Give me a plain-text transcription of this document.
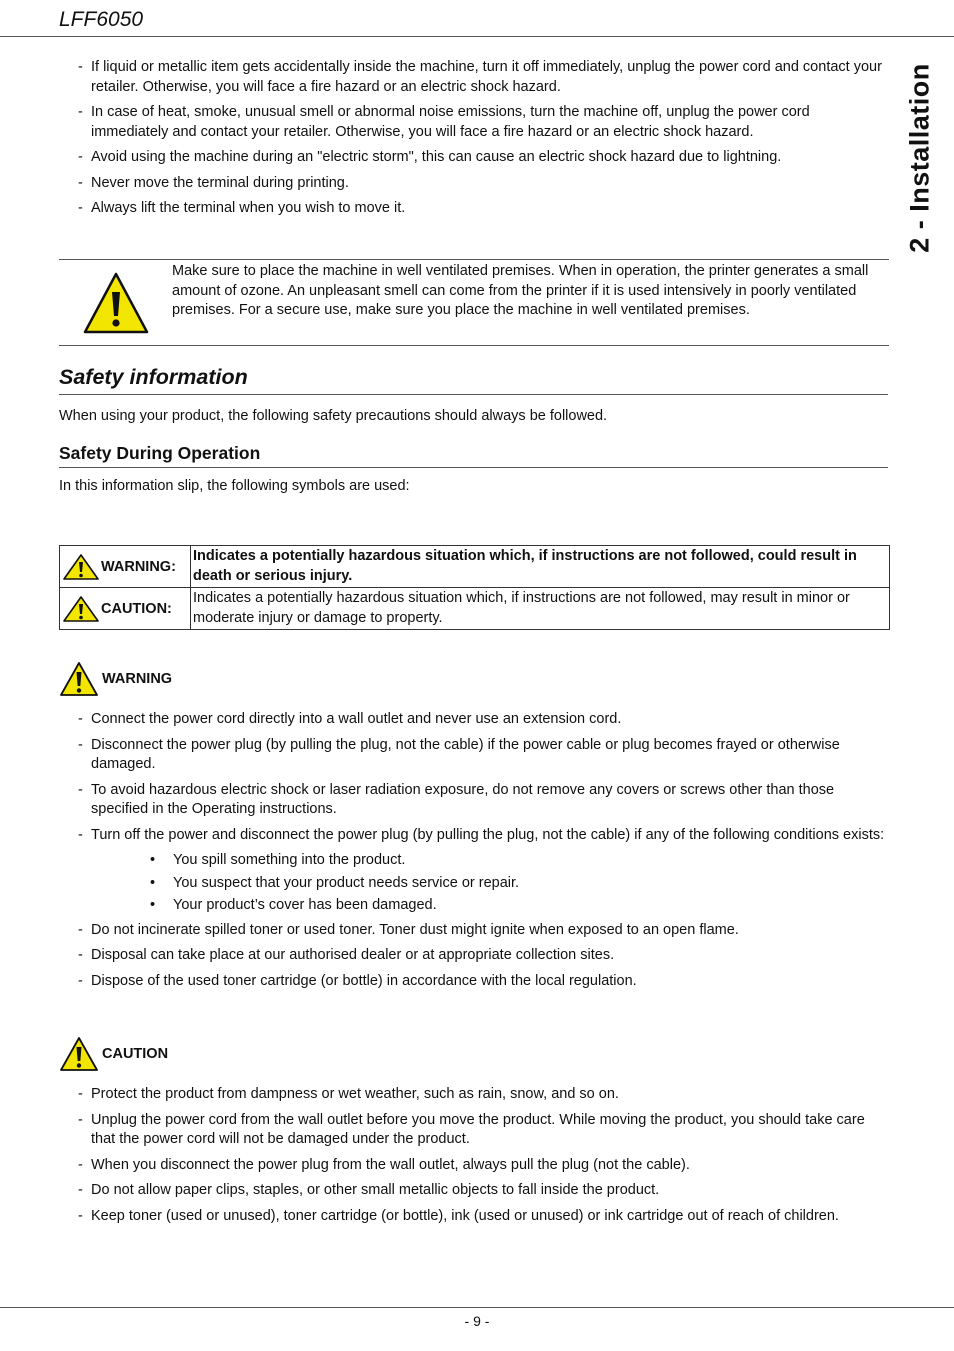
LFF6050
2 - Installation
- If liquid or metallic item gets accidentally inside the machine, turn it off immediately, unplug the power cord and contact your retailer. Otherwise, you will face a fire hazard or an electric shock hazard.
- In case of heat, smoke, unusual smell or abnormal noise emissions, turn the machine off, unplug the power cord immediately and contact your retailer. Otherwise, you will face a fire hazard or an electric shock hazard.
- Avoid using the machine during an "electric storm", this can cause an electric shock hazard due to lightning.
- Never move the terminal during printing.
- Always lift the terminal when you wish to move it.
Make sure to place the machine in well ventilated premises. When in operation, the printer generates a small amount of ozone. An unpleasant smell can come from the printer if it is used intensively in poorly ventilated premises. For a secure use, make sure you place the machine in well ventilated premises.
Safety information
When using your product, the following safety precautions should always be followed.
Safety During Operation
In this information slip, the following symbols are used:
WARNING:	Indicates a potentially hazardous situation which, if instructions are not followed, could result in death or serious injury.
CAUTION:	Indicates a potentially hazardous situation which, if instructions are not followed, may result in minor or moderate injury or damage to property.
WARNING
- Connect the power cord directly into a wall outlet and never use an extension cord.
- Disconnect the power plug (by pulling the plug, not the cable) if the power cable or plug becomes frayed or otherwise damaged.
- To avoid hazardous electric shock or laser radiation exposure, do not remove any covers or screws other than those specified in the Operating instructions.
- Turn off the power and disconnect the power plug (by pulling the plug, not the cable) if any of the following conditions exists:
• You spill something into the product.
• You suspect that your product needs service or repair.
• Your product’s cover has been damaged.
- Do not incinerate spilled toner or used toner. Toner dust might ignite when exposed to an open flame.
- Disposal can take place at our authorised dealer or at appropriate collection sites.
- Dispose of the used toner cartridge (or bottle) in accordance with the local regulation.
CAUTION
- Protect the product from dampness or wet weather, such as rain, snow, and so on.
- Unplug the power cord from the wall outlet before you move the product. While moving the product, you should take care that the power cord will not be damaged under the product.
- When you disconnect the power plug from the wall outlet, always pull the plug (not the cable).
- Do not allow paper clips, staples, or other small metallic objects to fall inside the product.
- Keep toner (used or unused), toner cartridge (or bottle), ink (used or unused) or ink cartridge out of reach of children.
- 9 -
